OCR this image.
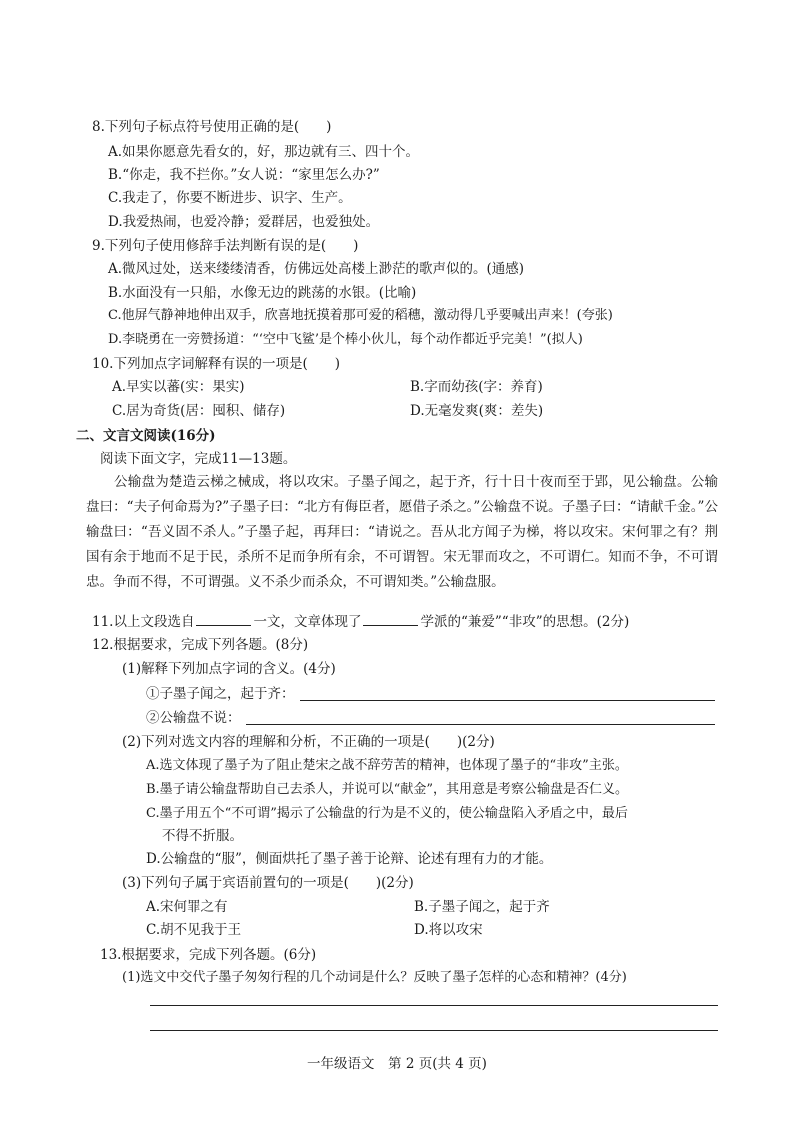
8.下列句子标点符号使用正确的是(　　)
A.如果你愿意先看女的，好，那边就有三、四十个。
B.“你走，我不拦你。”女人说：“家里怎么办?”
C.我走了，你要不断进步、识字、生产。
D.我爱热闹，也爱冷静；爱群居，也爱独处。
9.下列句子使用修辞手法判断有误的是(　　)
A.微风过处，送来缕缕清香，仿佛远处高楼上渺茫的歌声似的。(通感)
B.水面没有一只船，水像无边的跳荡的水银。(比喻)
C.他屏气静神地伸出双手，欣喜地抚摸着那可爱的稻穗，激动得几乎要喊出声来！(夸张)
D.李晓勇在一旁赞扬道：“‘空中飞鲨’是个棒小伙儿，每个动作都近乎完美！”(拟人)
10.下列加点字词解释有误的一项是(　　)
A.早实以蕃(实：果实)	B.字而幼孩(字：养育)
C.居为奇货(居：囤积、储存)	D.无毫发爽(爽：差失)
二、文言文阅读(16分)
阅读下面文字，完成11—13题。

公输盘为楚造云梯之械成，将以攻宋。子墨子闻之，起于齐，行十日十夜而至于郢，见公输盘。公输盘曰：“夫子何命焉为?”子墨子曰：“北方有侮臣者，愿借子杀之。”公输盘不说。子墨子曰：“请献千金。”公输盘曰：“吾义固不杀人。”子墨子起，再拜曰：“请说之。吾从北方闻子为梯，将以攻宋。宋何罪之有？荆国有余于地而不足于民，杀所不足而争所有余，不可谓智。宋无罪而攻之，不可谓仁。知而不争，不可谓忠。争而不得，不可谓强。义不杀少而杀众，不可谓知类。”公输盘服。

11.以上文段选自	一文，文章体现了	学派的“兼爱”“非攻”的思想。(2分)
12.根据要求，完成下列各题。(8分)
(1)解释下列加点字词的含义。(4分)
①子墨子闻之，起于齐：
②公输盘不说：
(2)下列对选文内容的理解和分析，不正确的一项是(　　)(2分)
A.选文体现了墨子为了阻止楚宋之战不辞劳苦的精神，也体现了墨子的“非攻”主张。
B.墨子请公输盘帮助自己去杀人，并说可以“献金”，其用意是考察公输盘是否仁义。
C.墨子用五个“不可谓”揭示了公输盘的行为是不义的，使公输盘陷入矛盾之中，最后
不得不折服。
D.公输盘的“服”，侧面烘托了墨子善于论辩、论述有理有力的才能。
(3)下列句子属于宾语前置句的一项是(　　)(2分)
A.宋何罪之有	B.子墨子闻之，起于齐
C.胡不见我于王	D.将以攻宋
13.根据要求，完成下列各题。(6分)
(1)选文中交代子墨子匆匆行程的几个动词是什么？反映了墨子怎样的心态和精神？(4分)
一年级语文　第 2 页(共 4 页)
